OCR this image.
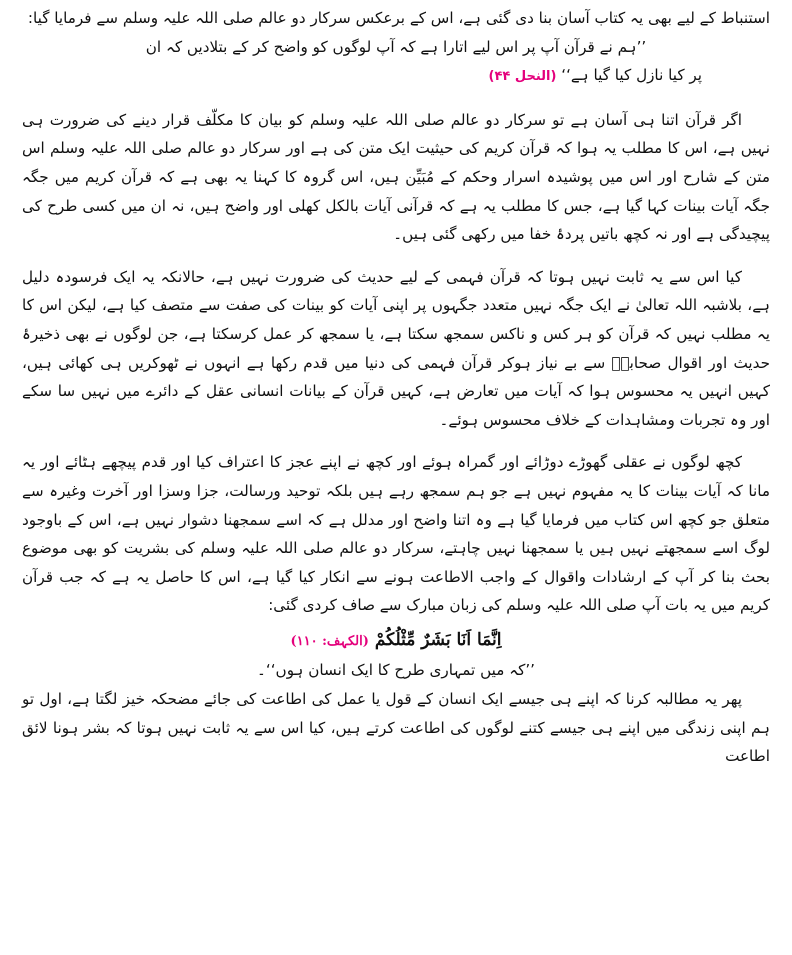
استنباط کے لیے بھی یہ کتاب آسان بنا دی گئی ہے، اس کے برعکس سرکار دو عالم صلی اللہ علیہ وسلم سے فرمایا گیا:

’’ہم نے قرآن آپ پر اس لیے اتارا ہے کہ آپ لوگوں کو واضح کر کے بتلادیں کہ ان

پر کیا نازل کیا گیا ہے‘‘ (النحل ۴۴)

اگر قرآن اتنا ہی آسان ہے تو سرکار دو عالم صلی اللہ علیہ وسلم کو بیان کا مکلّف قرار دینے کی ضرورت ہی نہیں ہے، اس کا مطلب یہ ہوا کہ قرآن کریم کی حیثیت ایک متن کی ہے اور سرکار دو عالم صلی اللہ علیہ وسلم اس متن کے شارح اور اس میں پوشیدہ اسرار وحکم کے مُبَیِّن ہیں، اس گروہ کا کہنا یہ بھی ہے کہ قرآن کریم میں جگہ جگہ آیات بینات کہا گیا ہے، جس کا مطلب یہ ہے کہ قرآنی آیات بالکل کھلی اور واضح ہیں، نہ ان میں کسی طرح کی پیچیدگی ہے اور نہ کچھ باتیں پردۂ خفا میں رکھی گئی ہیں۔

کیا اس سے یہ ثابت نہیں ہوتا کہ قرآن فہمی کے لیے حدیث کی ضرورت نہیں ہے، حالانکہ یہ ایک فرسودہ دلیل ہے، بلاشبہ اللہ تعالیٰ نے ایک جگہ نہیں متعدد جگہوں پر اپنی آیات کو بینات کی صفت سے متصف کیا ہے، لیکن اس کا یہ مطلب نہیں کہ قرآن کو ہر کس و ناکس سمجھ سکتا ہے، یا سمجھ کر عمل کرسکتا ہے، جن لوگوں نے بھی ذخیرۂ حدیث اور اقوال صحابہؓ سے بے نیاز ہوکر قرآن فہمی کی دنیا میں قدم رکھا ہے انہوں نے ٹھوکریں ہی کھائی ہیں، کہیں انہیں یہ محسوس ہوا کہ آیات میں تعارض ہے، کہیں قرآن کے بیانات انسانی عقل کے دائرے میں نہیں سا سکے اور وہ تجربات ومشاہدات کے خلاف محسوس ہوئے۔

کچھ لوگوں نے عقلی گھوڑے دوڑائے اور گمراہ ہوئے اور کچھ نے اپنے عجز کا اعتراف کیا اور قدم پیچھے ہٹائے اور یہ مانا کہ آیات بینات کا یہ مفہوم نہیں ہے جو ہم سمجھ رہے ہیں بلکہ توحید ورسالت، جزا وسزا اور آخرت وغیرہ سے متعلق جو کچھ اس کتاب میں فرمایا گیا ہے وہ اتنا واضح اور مدلل ہے کہ اسے سمجھنا دشوار نہیں ہے، اس کے باوجود لوگ اسے سمجھتے نہیں ہیں یا سمجھنا نہیں چاہتے، سرکار دو عالم صلی اللہ علیہ وسلم کی بشریت کو بھی موضوع بحث بنا کر آپ کے ارشادات واقوال کے واجب الاطاعت ہونے سے انکار کیا گیا ہے، اس کا حاصل یہ ہے کہ جب قرآن کریم میں یہ بات آپ صلی اللہ علیہ وسلم کی زبان مبارک سے صاف کردی گئی:

اِنَّمَا اَنَا بَشَرٌ مِّثْلُكُمْ (الکہف: ۱۱۰)

’’کہ میں تمہاری طرح کا ایک انسان ہوں‘‘۔

پھر یہ مطالبہ کرنا کہ اپنے ہی جیسے ایک انسان کے قول یا عمل کی اطاعت کی جائے مضحکہ خیز لگتا ہے، اول تو ہم اپنی زندگی میں اپنے ہی جیسے کتنے لوگوں کی اطاعت کرتے ہیں، کیا اس سے یہ ثابت نہیں ہوتا کہ بشر ہونا لائق اطاعت
